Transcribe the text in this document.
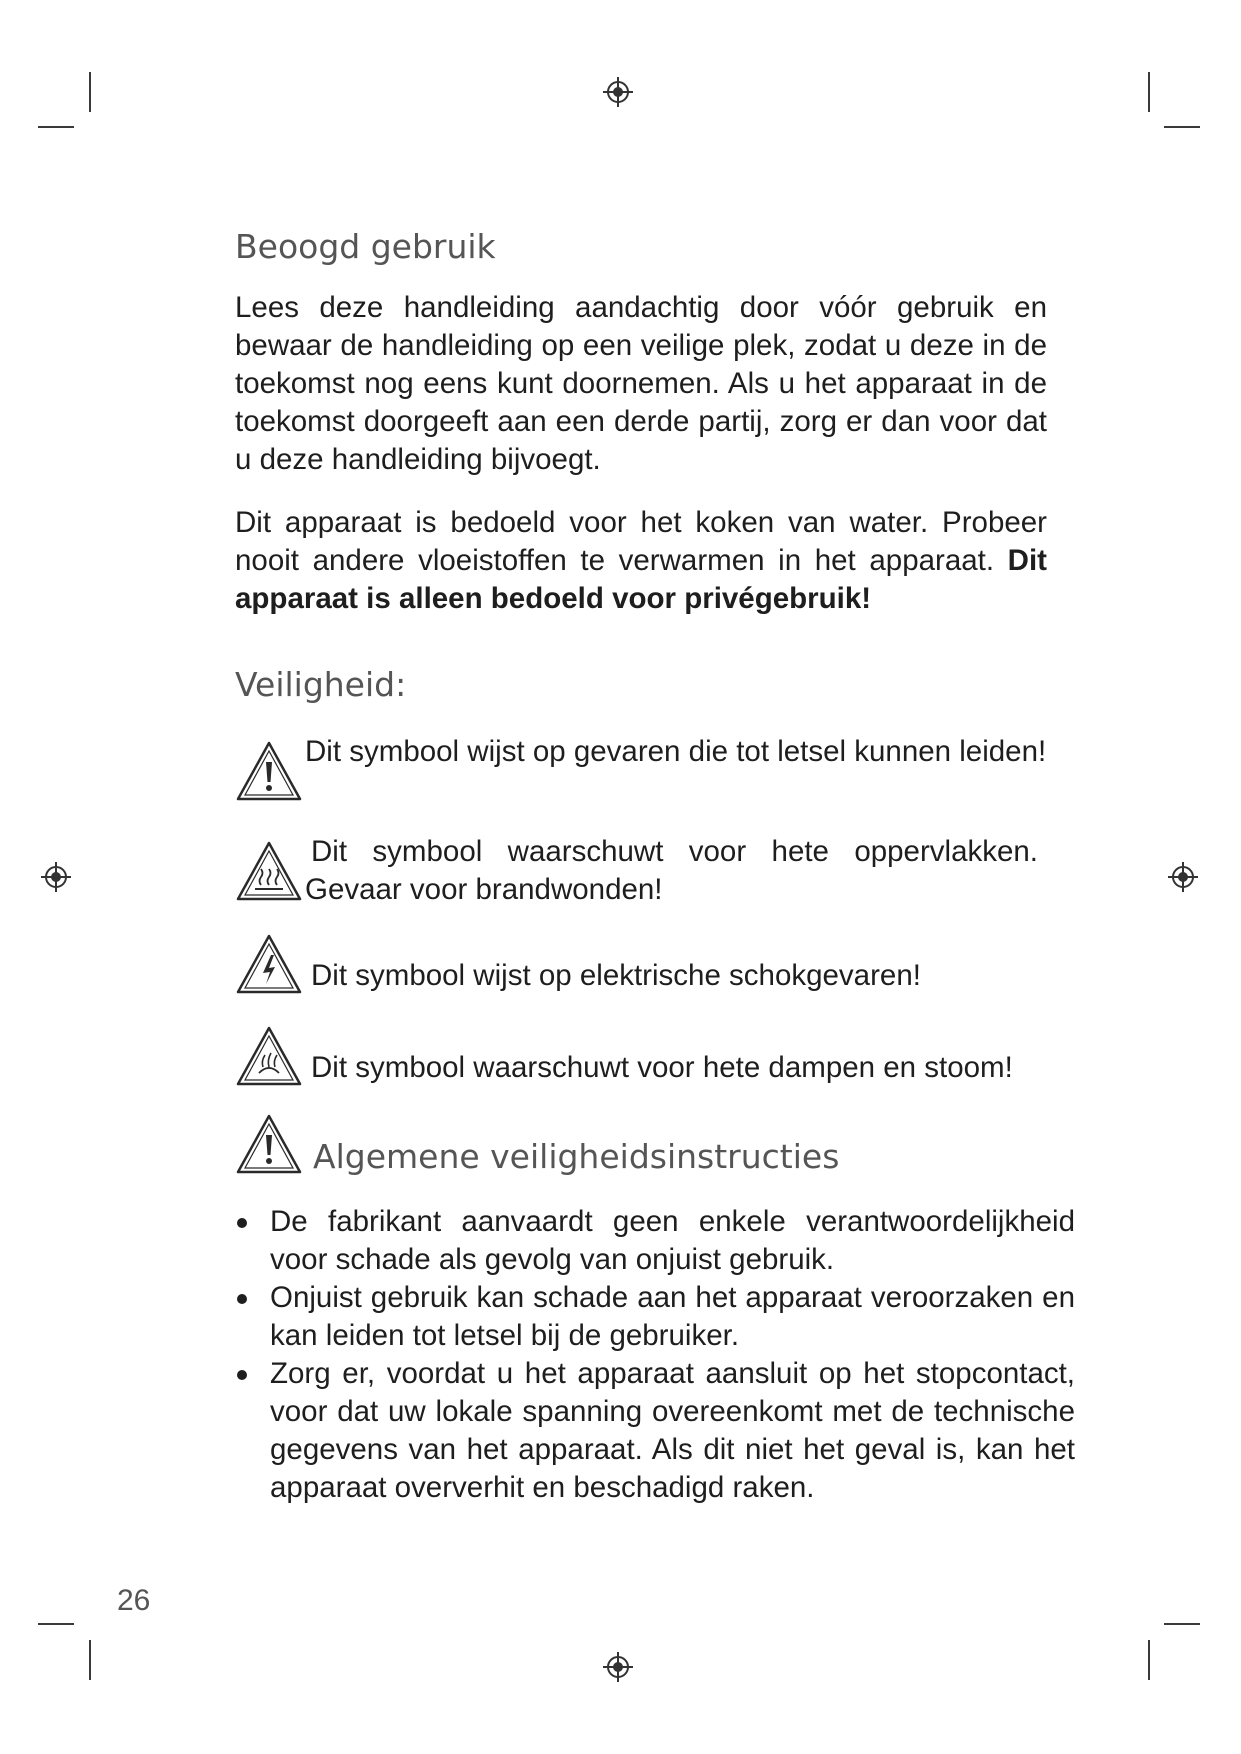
Beoogd gebruik

Lees deze handleiding aandachtig door vóór gebruik en bewaar de handleiding op een veilige plek, zodat u deze in de toekomst nog eens kunt doornemen. Als u het apparaat in de toekomst doorgeeft aan een derde partij, zorg er dan voor dat u deze handleiding bijvoegt.

Dit apparaat is bedoeld voor het koken van water. Probeer nooit andere vloeistoffen te verwarmen in het apparaat. Dit apparaat is alleen bedoeld voor privégebruik!

Veiligheid:
Dit symbool wijst op gevaren die tot letsel kunnen leiden!
Dit symbool waarschuwt voor hete oppervlakken. Gevaar voor brandwonden!
Dit symbool wijst op elektrische schokgevaren!
Dit symbool waarschuwt voor hete dampen en stoom!
Algemene veiligheidsinstructies
De fabrikant aanvaardt geen enkele verantwoordelijkheid voor schade als gevolg van onjuist gebruik.
Onjuist gebruik kan schade aan het apparaat veroorzaken en kan leiden tot letsel bij de gebruiker.
Zorg er, voordat u het apparaat aansluit op het stopcontact, voor dat uw lokale spanning overeenkomt met de technische gegevens van het apparaat. Als dit niet het geval is, kan het apparaat oververhit en beschadigd raken.
26
